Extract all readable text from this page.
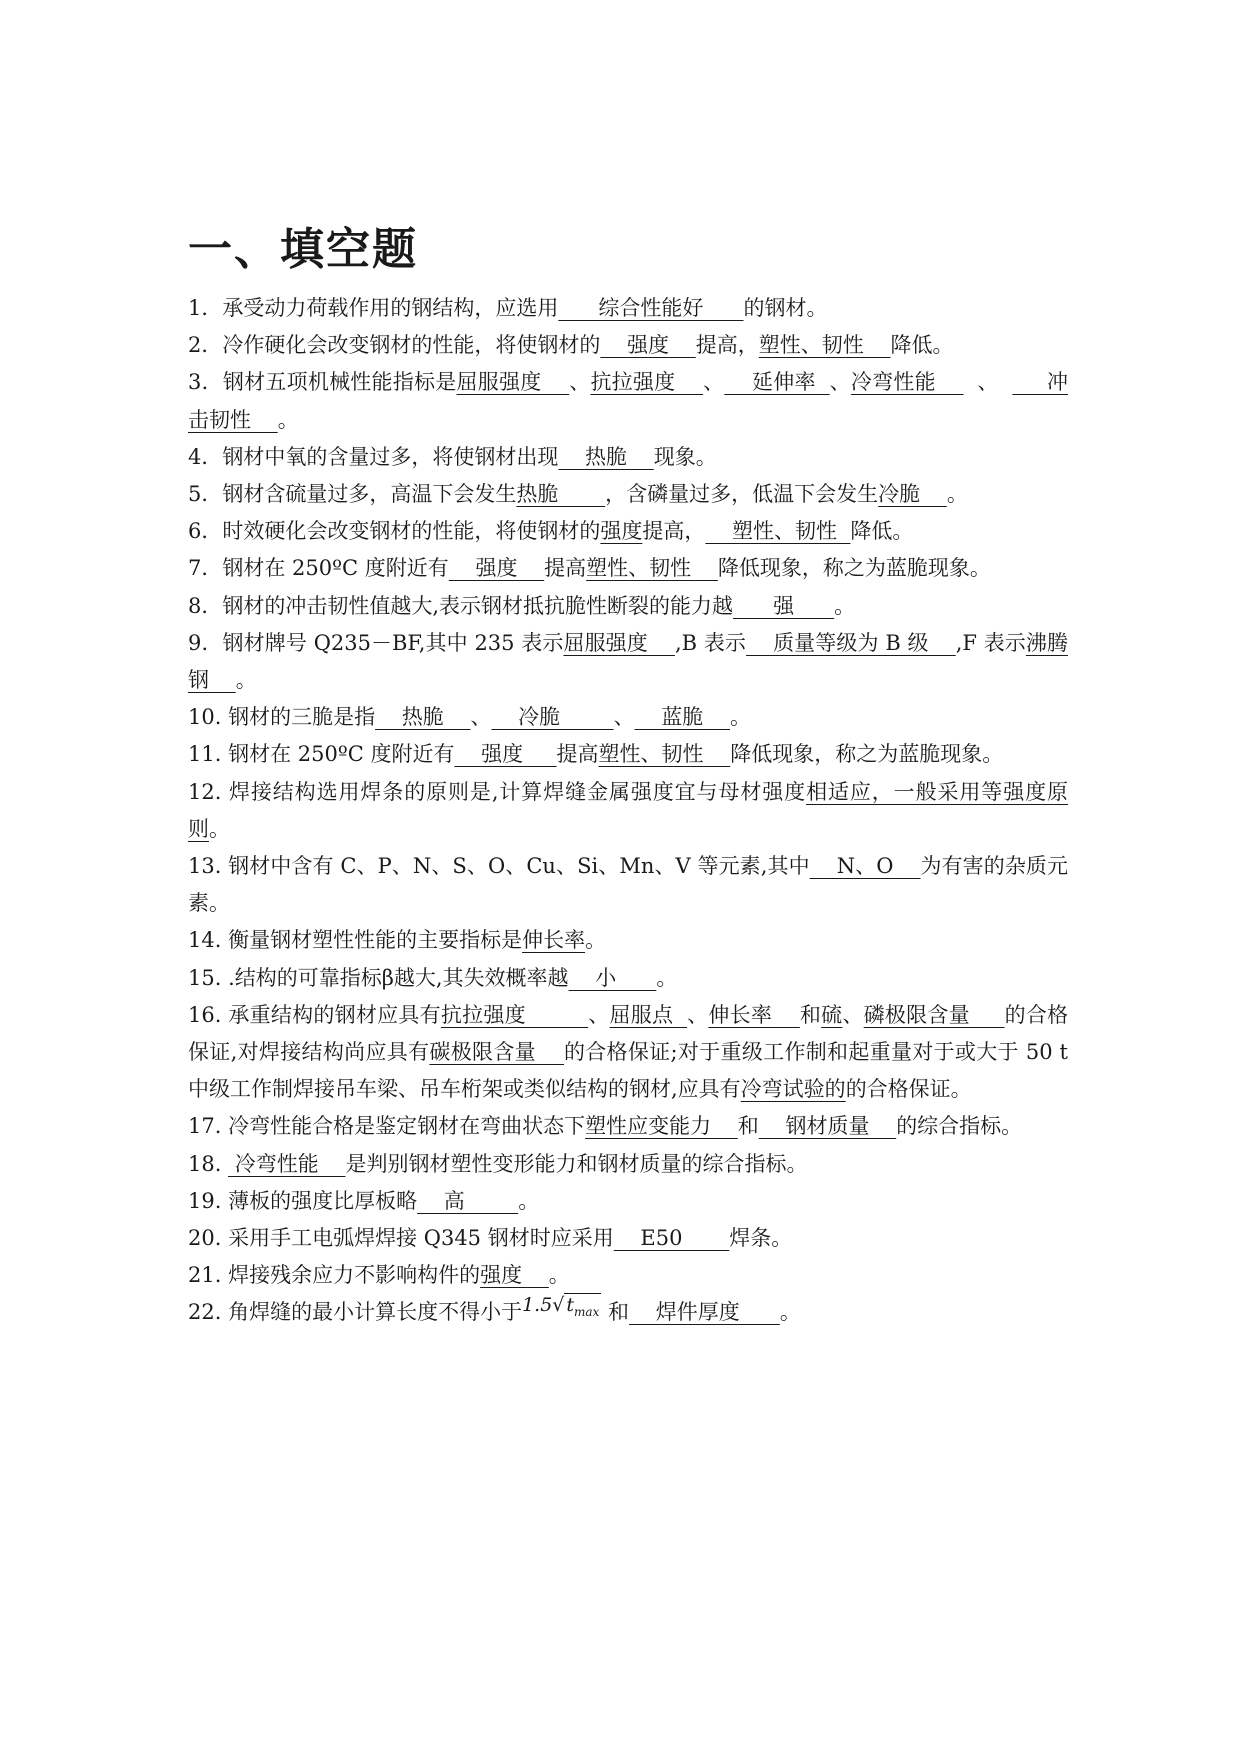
一、填空题
1．承受动力荷载作用的钢结构，应选用      综合性能好      的钢材。
2．冷作硬化会改变钢材的性能，将使钢材的    强度    提高，塑性、韧性    降低。
3．钢材五项机械性能指标是屈服强度    、抗拉强度    、    延伸率  、冷弯性能      、       冲击韧性    。
4．钢材中氧的含量过多，将使钢材出现    热脆    现象。
5．钢材含硫量过多，高温下会发生热脆       ，含磷量过多，低温下会发生冷脆    。
6．时效硬化会改变钢材的性能，将使钢材的强度提高，    塑性、韧性  降低。
7．钢材在 250ºC 度附近有    强度    提高塑性、韧性    降低现象，称之为蓝脆现象。
8．钢材的冲击韧性值越大,表示钢材抵抗脆性断裂的能力越      强      。
9．钢材牌号 Q235－BF,其中 235 表示屈服强度    ,B 表示    质量等级为 B 级    ,F 表示沸腾钢    。
10. 钢材的三脆是指    热脆    、    冷脆        、    蓝脆    。
11. 钢材在 250ºC 度附近有    强度     提高塑性、韧性    降低现象，称之为蓝脆现象。
12. 焊接结构选用焊条的原则是,计算焊缝金属强度宜与母材强度相适应，一般采用等强度原则。
13. 钢材中含有 C、P、N、S、O、Cu、Si、Mn、V 等元素,其中    N、O    为有害的杂质元素。
14. 衡量钢材塑性性能的主要指标是伸长率。
15. .结构的可靠指标β越大,其失效概率越    小      。
16. 承重结构的钢材应具有抗拉强度         、屈服点  、伸长率    和硫、磷极限含量     的合格保证,对焊接结构尚应具有碳极限含量    的合格保证;对于重级工作制和起重量对于或大于 50 t 中级工作制焊接吊车梁、吊车桁架或类似结构的钢材,应具有冷弯试验的的合格保证。
17. 冷弯性能合格是鉴定钢材在弯曲状态下塑性应变能力    和    钢材质量    的综合指标。
18.  冷弯性能    是判别钢材塑性变形能力和钢材质量的综合指标。
19. 薄板的强度比厚板略    高        。
20. 采用手工电弧焊焊接 Q345 钢材时应采用    E50       焊条。
21. 焊接残余应力不影响构件的强度    。
22. 角焊缝的最小计算长度不得小于1.5√ $t_{max}$ 和    焊件厚度      。
